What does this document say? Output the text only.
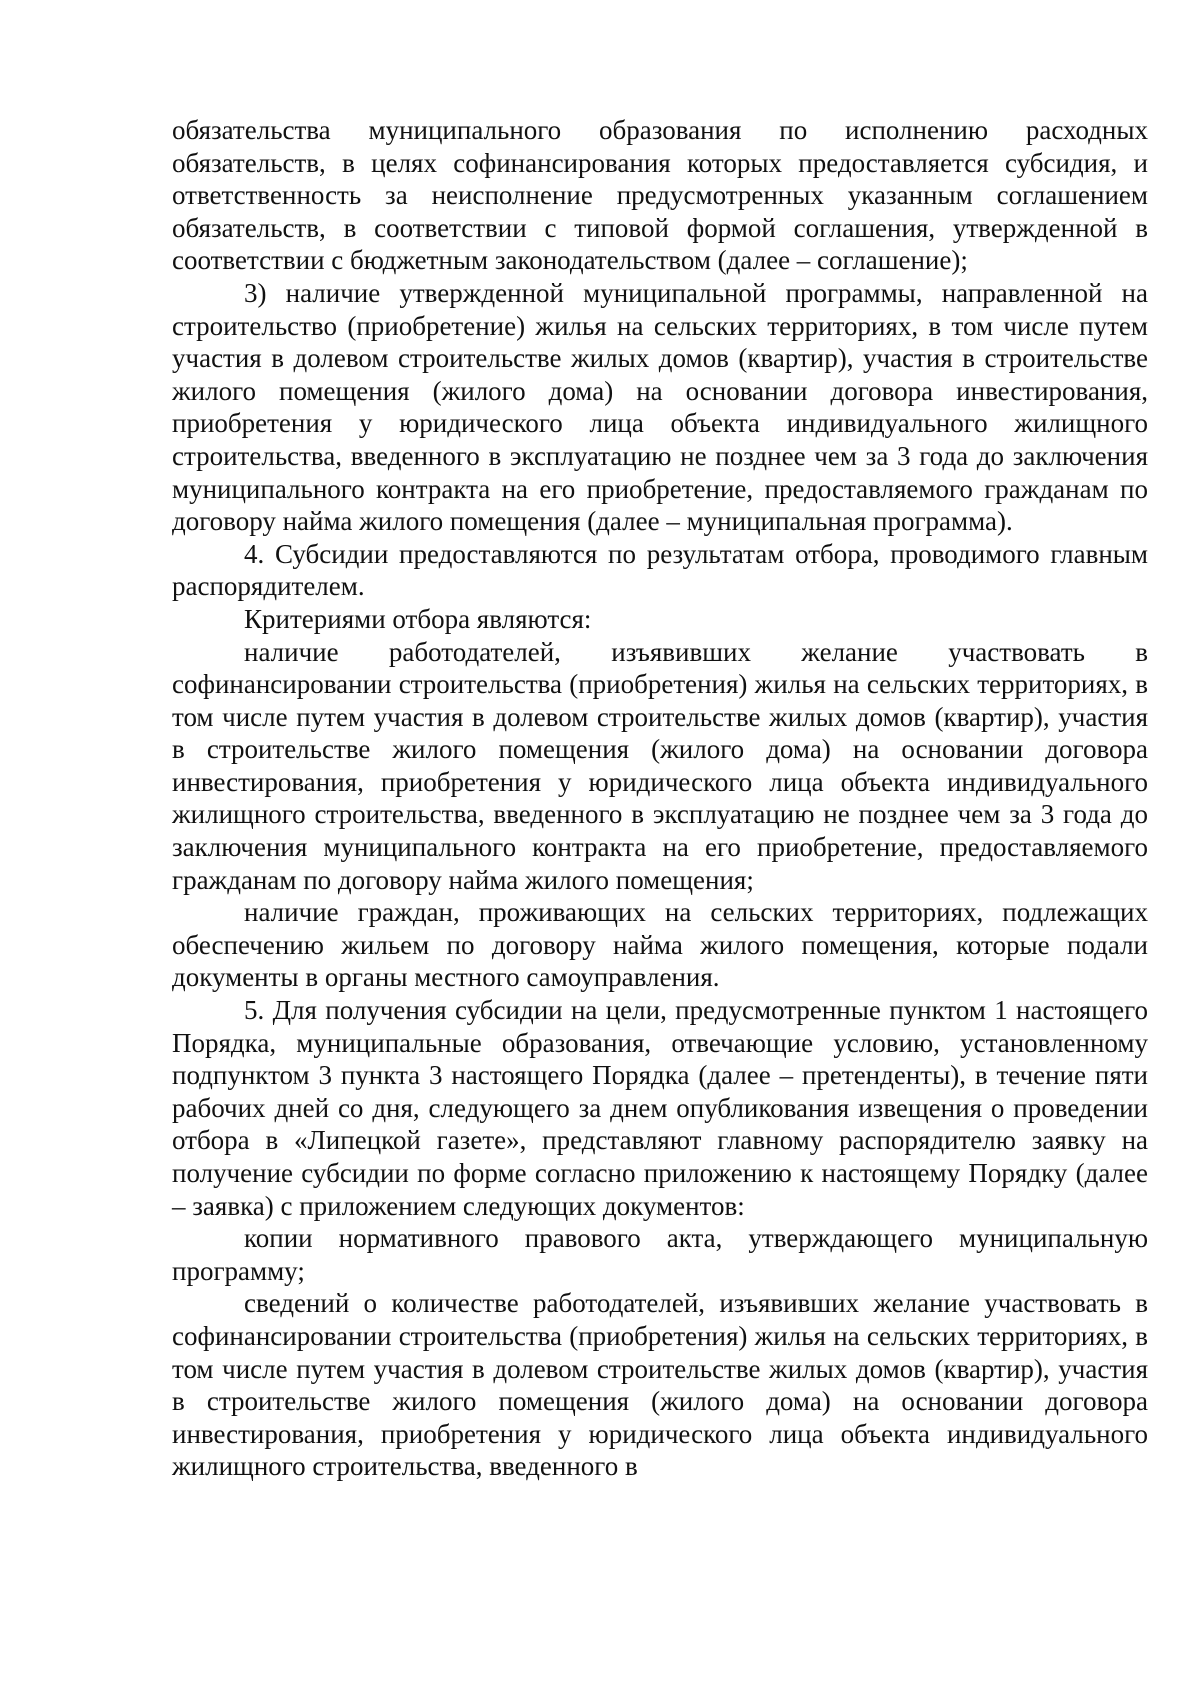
обязательства муниципального образования по исполнению расходных обязательств, в целях софинансирования которых предоставляется субсидия, и ответственность за неисполнение предусмотренных указанным соглашением обязательств, в соответствии с типовой формой соглашения, утвержденной в соответствии с бюджетным законодательством (далее – соглашение);

3) наличие утвержденной муниципальной программы, направленной на строительство (приобретение) жилья на сельских территориях, в том числе путем участия в долевом строительстве жилых домов (квартир), участия в строительстве жилого помещения (жилого дома) на основании договора инвестирования, приобретения у юридического лица объекта индивидуального жилищного строительства, введенного в эксплуатацию не позднее чем за 3 года до заключения муниципального контракта на его приобретение, предоставляемого гражданам по договору найма жилого помещения (далее – муниципальная программа).

4. Субсидии предоставляются по результатам отбора, проводимого главным распорядителем.

Критериями отбора являются:

наличие работодателей, изъявивших желание участвовать в софинансировании строительства (приобретения) жилья на сельских территориях, в том числе путем участия в долевом строительстве жилых домов (квартир), участия в строительстве жилого помещения (жилого дома) на основании договора инвестирования, приобретения у юридического лица объекта индивидуального жилищного строительства, введенного в эксплуатацию не позднее чем за 3 года до заключения муниципального контракта на его приобретение, предоставляемого гражданам по договору найма жилого помещения;

наличие граждан, проживающих на сельских территориях, подлежащих обеспечению жильем по договору найма жилого помещения, которые подали документы в органы местного самоуправления.

5. Для получения субсидии на цели, предусмотренные пунктом 1 настоящего Порядка, муниципальные образования, отвечающие условию, установленному подпунктом 3 пункта 3 настоящего Порядка (далее – претенденты), в течение пяти рабочих дней со дня, следующего за днем опубликования извещения о проведении отбора в «Липецкой газете», представляют главному распорядителю заявку на получение субсидии по форме согласно приложению к настоящему Порядку (далее – заявка) с приложением следующих документов:

копии нормативного правового акта, утверждающего муниципальную программу;

сведений о количестве работодателей, изъявивших желание участвовать в софинансировании строительства (приобретения) жилья на сельских территориях, в том числе путем участия в долевом строительстве жилых домов (квартир), участия в строительстве жилого помещения (жилого дома) на основании договора инвестирования, приобретения у юридического лица объекта индивидуального жилищного строительства, введенного в
